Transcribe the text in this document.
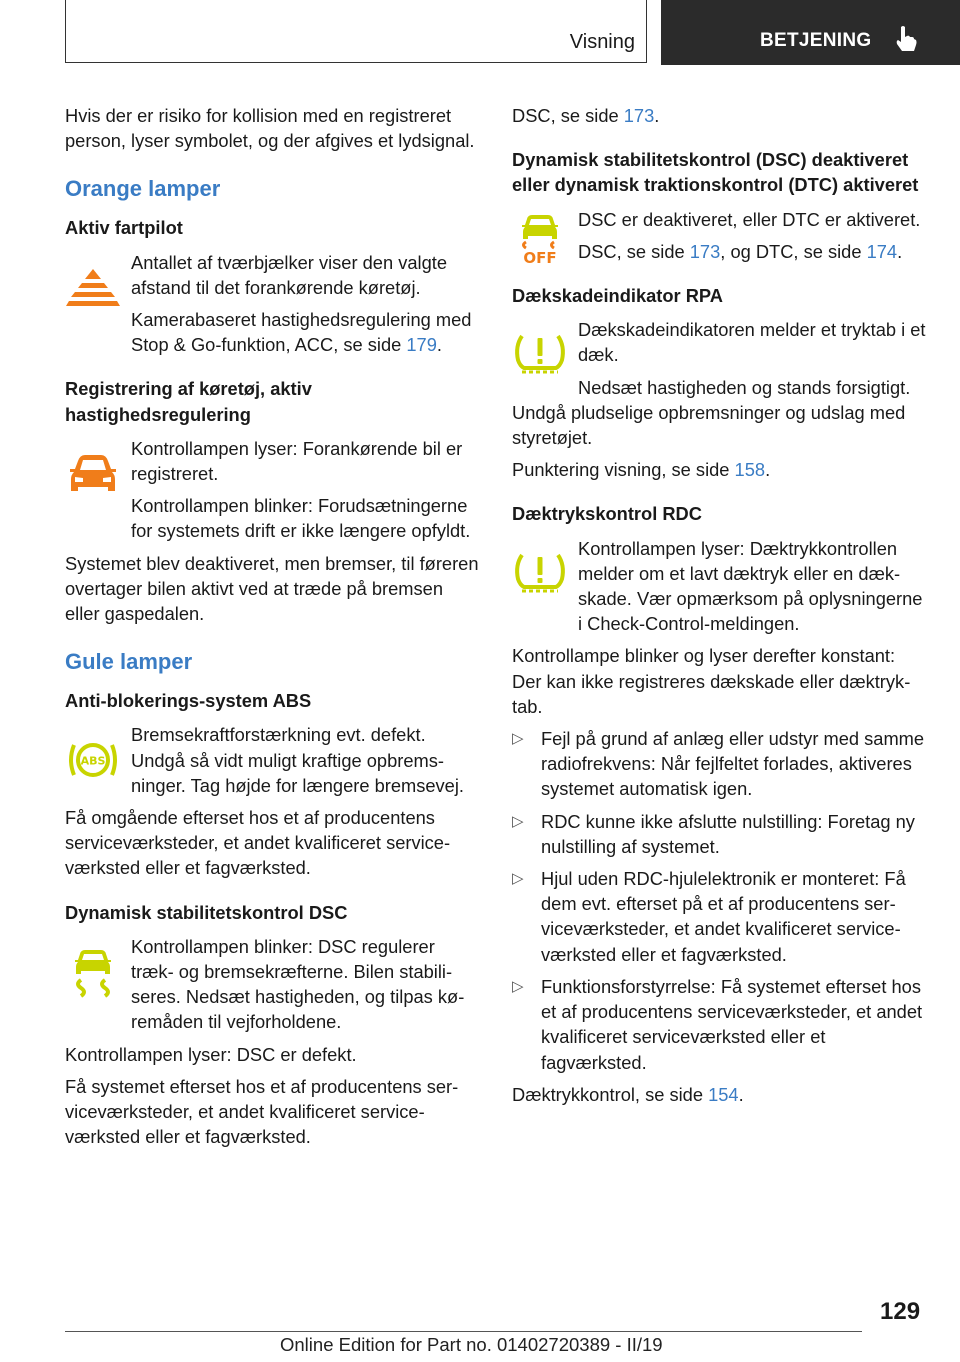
Visning	BETJENING

Hvis der er risiko for kollision med en registreret person, lyser symbolet, og der afgives et lydsignal.

Orange lamper

Aktiv fartpilot

Antallet af tværbjælker viser den valgte afstand til det forankørende køretøj.

Kamerabaseret hastighedsregulering med Stop & Go-funktion, ACC, se side 179.

Registrering af køretøj, aktiv hastighedsregulering

Kontrollampen lyser: Forankørende bil er registreret.

Kontrollampen blinker: Forudsætningerne for systemets drift er ikke længere opfyldt.

Systemet blev deaktiveret, men bremser, til føreren overtager bilen aktivt ved at træde på bremsen eller gaspedalen.

Gule lamper

Anti-blokerings-system ABS

ABS

Bremsekraftforstærkning evt. defekt. Undgå så vidt muligt kraftige opbremsninger. Tag højde for længere bremsevej.

Få omgående efterset hos et af producentens serviceværksteder, et andet kvalificeret serviceværksted eller et fagværksted.

Dynamisk stabilitetskontrol DSC

Kontrollampen blinker: DSC regulerer træk- og bremsekræfterne. Bilen stabiliseres. Nedsæt hastigheden, og tilpas køremåden til vejforholdene.

Kontrollampen lyser: DSC er defekt.

Få systemet efterset hos et af producentens serviceværksteder, et andet kvalificeret serviceværksted eller et fagværksted.

DSC, se side 173.

Dynamisk stabilitetskontrol (DSC) deaktiveret eller dynamisk traktionskontrol (DTC) aktiveret

OFF

DSC er deaktiveret, eller DTC er aktiveret.

DSC, se side 173, og DTC, se side 174.

Dækskadeindikator RPA

Dækskadeindikatoren melder et tryktab i et dæk.

Nedsæt hastigheden og stands forsigtigt. Undgå pludselige opbremsninger og udslag med styretøjet.

Punktering visning, se side 158.

Dæktrykskontrol RDC

Kontrollampen lyser: Dæktrykkontrollen melder om et lavt dæktryk eller en dækskade. Vær opmærksom på oplysningerne i Check-Control-meldingen.

Kontrollampe blinker og lyser derefter konstant: Der kan ikke registreres dækskade eller dæktryktab.

▷ Fejl på grund af anlæg eller udstyr med samme radiofrekvens: Når fejlfeltet forlades, aktiveres systemet automatisk igen.

▷ RDC kunne ikke afslutte nulstilling: Foretag ny nulstilling af systemet.

▷ Hjul uden RDC-hjulelektronik er monteret: Få dem evt. efterset på et af producentens serviceværksteder, et andet kvalificeret serviceværksted eller et fagværksted.

▷ Funktionsforstyrrelse: Få systemet efterset hos et af producentens serviceværksteder, et andet kvalificeret serviceværksted eller et fagværksted.

Dæktrykkontrol, se side 154.

129
Online Edition for Part no. 01402720389 - II/19
